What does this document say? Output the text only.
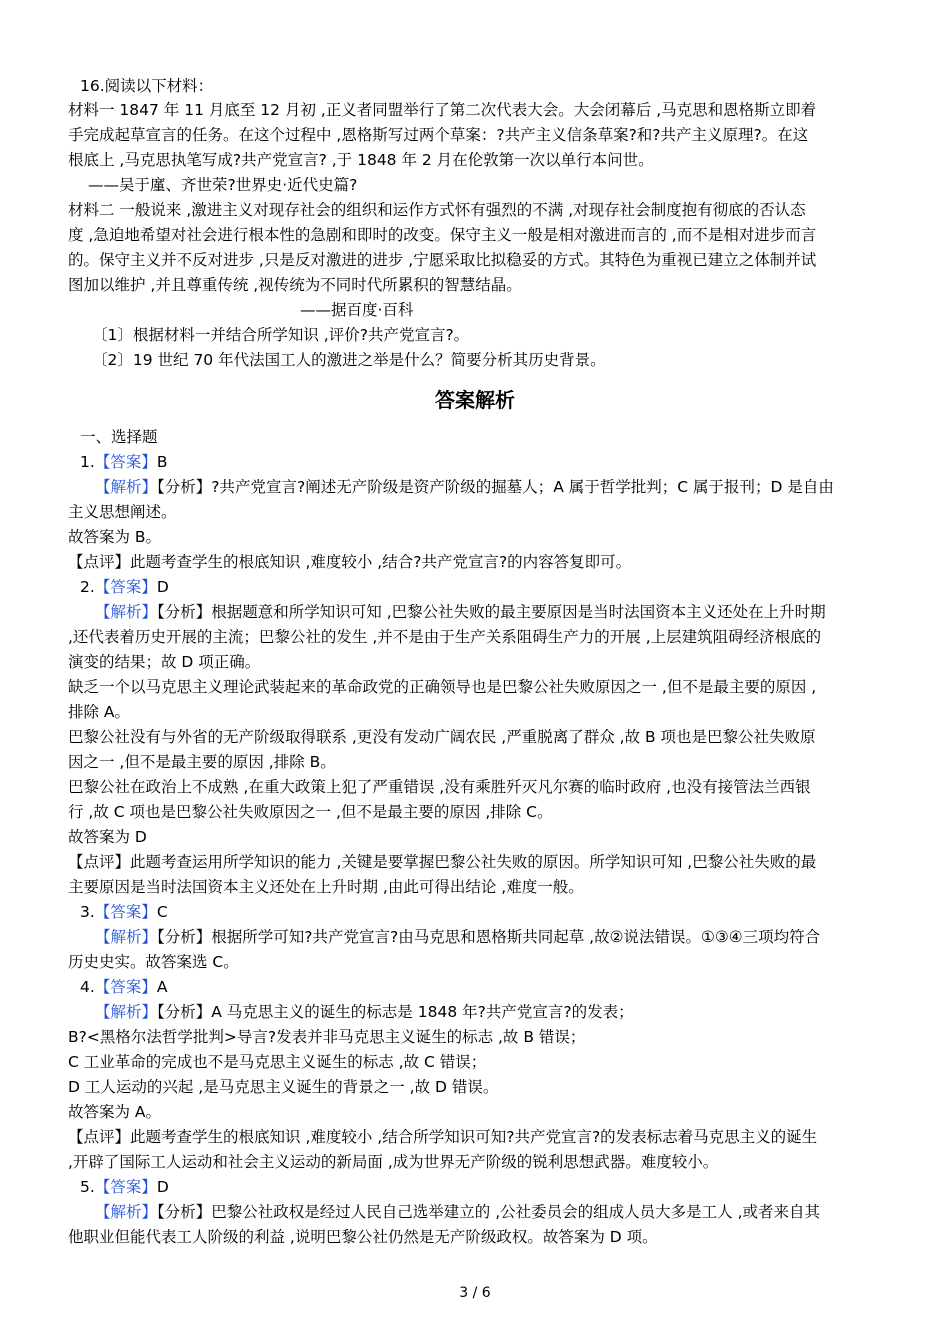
16.阅读以下材料：
材料一 1847 年 11 月底至 12 月初 ,正义者同盟举行了第二次代表大会。大会闭幕后 ,马克思和恩格斯立即着
手完成起草宣言的任务。在这个过程中 ,恩格斯写过两个草案：?共产主义信条草案?和?共产主义原理?。在这
根底上 ,马克思执笔写成?共产党宣言? ,于 1848 年 2 月在伦敦第一次以单行本问世。
——吴于廑、齐世荣?世界史·近代史篇?
材料二 一般说来 ,激进主义对现存社会的组织和运作方式怀有强烈的不满 ,对现存社会制度抱有彻底的否认态
度 ,急迫地希望对社会进行根本性的急剧和即时的改变。保守主义一般是相对激进而言的 ,而不是相对进步而言
的。保守主义并不反对进步 ,只是反对激进的进步 ,宁愿采取比拟稳妥的方式。其特色为重视已建立之体制并试
图加以维护 ,并且尊重传统 ,视传统为不同时代所累积的智慧结晶。
——据百度·百科
〔1〕根据材料一并结合所学知识 ,评价?共产党宣言?。
〔2〕19 世纪 70 年代法国工人的激进之举是什么？简要分析其历史背景。
答案解析
一、选择题
1.【答案】B
【解析】【分析】?共产党宣言?阐述无产阶级是资产阶级的掘墓人；A 属于哲学批判；C 属于报刊；D 是自由
主义思想阐述。
故答案为 B。
【点评】此题考查学生的根底知识 ,难度较小 ,结合?共产党宣言?的内容答复即可。
2.【答案】D
【解析】【分析】根据题意和所学知识可知 ,巴黎公社失败的最主要原因是当时法国资本主义还处在上升时期
,还代表着历史开展的主流；巴黎公社的发生 ,并不是由于生产关系阻碍生产力的开展 ,上层建筑阻碍经济根底的
演变的结果；故 D 项正确。
缺乏一个以马克思主义理论武装起来的革命政党的正确领导也是巴黎公社失败原因之一 ,但不是最主要的原因 ,
排除 A。
巴黎公社没有与外省的无产阶级取得联系 ,更没有发动广阔农民 ,严重脱离了群众 ,故 B 项也是巴黎公社失败原
因之一 ,但不是最主要的原因 ,排除 B。
巴黎公社在政治上不成熟 ,在重大政策上犯了严重错误 ,没有乘胜歼灭凡尔赛的临时政府 ,也没有接管法兰西银
行 ,故 C 项也是巴黎公社失败原因之一 ,但不是最主要的原因 ,排除 C。
故答案为 D
【点评】此题考查运用所学知识的能力 ,关键是要掌握巴黎公社失败的原因。所学知识可知 ,巴黎公社失败的最
主要原因是当时法国资本主义还处在上升时期 ,由此可得出结论 ,难度一般。
3.【答案】C
【解析】【分析】根据所学可知?共产党宣言?由马克思和恩格斯共同起草 ,故②说法错误。①③④三项均符合
历史史实。故答案选 C。
4.【答案】A
【解析】【分析】A 马克思主义的诞生的标志是 1848 年?共产党宣言?的发表；
B?<黑格尔法哲学批判>导言?发表并非马克思主义诞生的标志 ,故 B 错误；
C 工业革命的完成也不是马克思主义诞生的标志 ,故 C 错误；
D 工人运动的兴起 ,是马克思主义诞生的背景之一 ,故 D 错误。
故答案为 A。
【点评】此题考查学生的根底知识 ,难度较小 ,结合所学知识可知?共产党宣言?的发表标志着马克思主义的诞生
,开辟了国际工人运动和社会主义运动的新局面 ,成为世界无产阶级的锐利思想武器。难度较小。
5.【答案】D
【解析】【分析】巴黎公社政权是经过人民自己选举建立的 ,公社委员会的组成人员大多是工人 ,或者来自其
他职业但能代表工人阶级的利益 ,说明巴黎公社仍然是无产阶级政权。故答案为 D 项。
3 / 6
